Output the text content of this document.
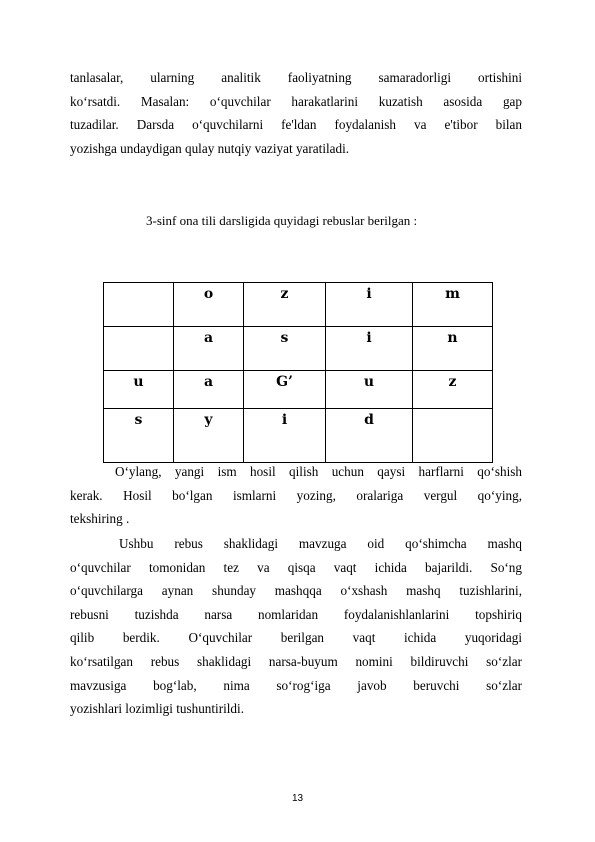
tanlasalar, ularning analitik faoliyatning samaradorligi ortishini
ko‘rsatdi. Masalan: o‘quvchilar harakatlarini kuzatish asosida gap
tuzadilar. Darsda o‘quvchilarni fe'ldan foydalanish va e'tibor bilan
yozishga undaydigan qulay nutqiy vaziyat yaratiladi.
3-sinf ona tili darsligida quyidagi rebuslar berilgan :
	o	z	i	m
	a	s	i	n
u	a	G’	u	z
s	y	i	d	
O‘ylang, yangi ism hosil qilish uchun qaysi harflarni qo‘shish
kerak. Hosil bo‘lgan ismlarni yozing, oralariga vergul qo‘ying,
tekshiring .
Ushbu rebus shaklidagi mavzuga oid qo‘shimcha mashq
o‘quvchilar tomonidan tez va qisqa vaqt ichida bajarildi. So‘ng
o‘quvchilarga aynan shunday mashqqa o‘xshash mashq tuzishlarini,
rebusni tuzishda narsa nomlaridan foydalanishlanlarini topshiriq
qilib berdik. O‘quvchilar berilgan vaqt ichida yuqoridagi
ko‘rsatilgan rebus shaklidagi narsa-buyum nomini bildiruvchi so‘zlar
mavzusiga bog‘lab, nima so‘rog‘iga javob beruvchi so‘zlar
yozishlari lozimligi tushuntirildi.
13
